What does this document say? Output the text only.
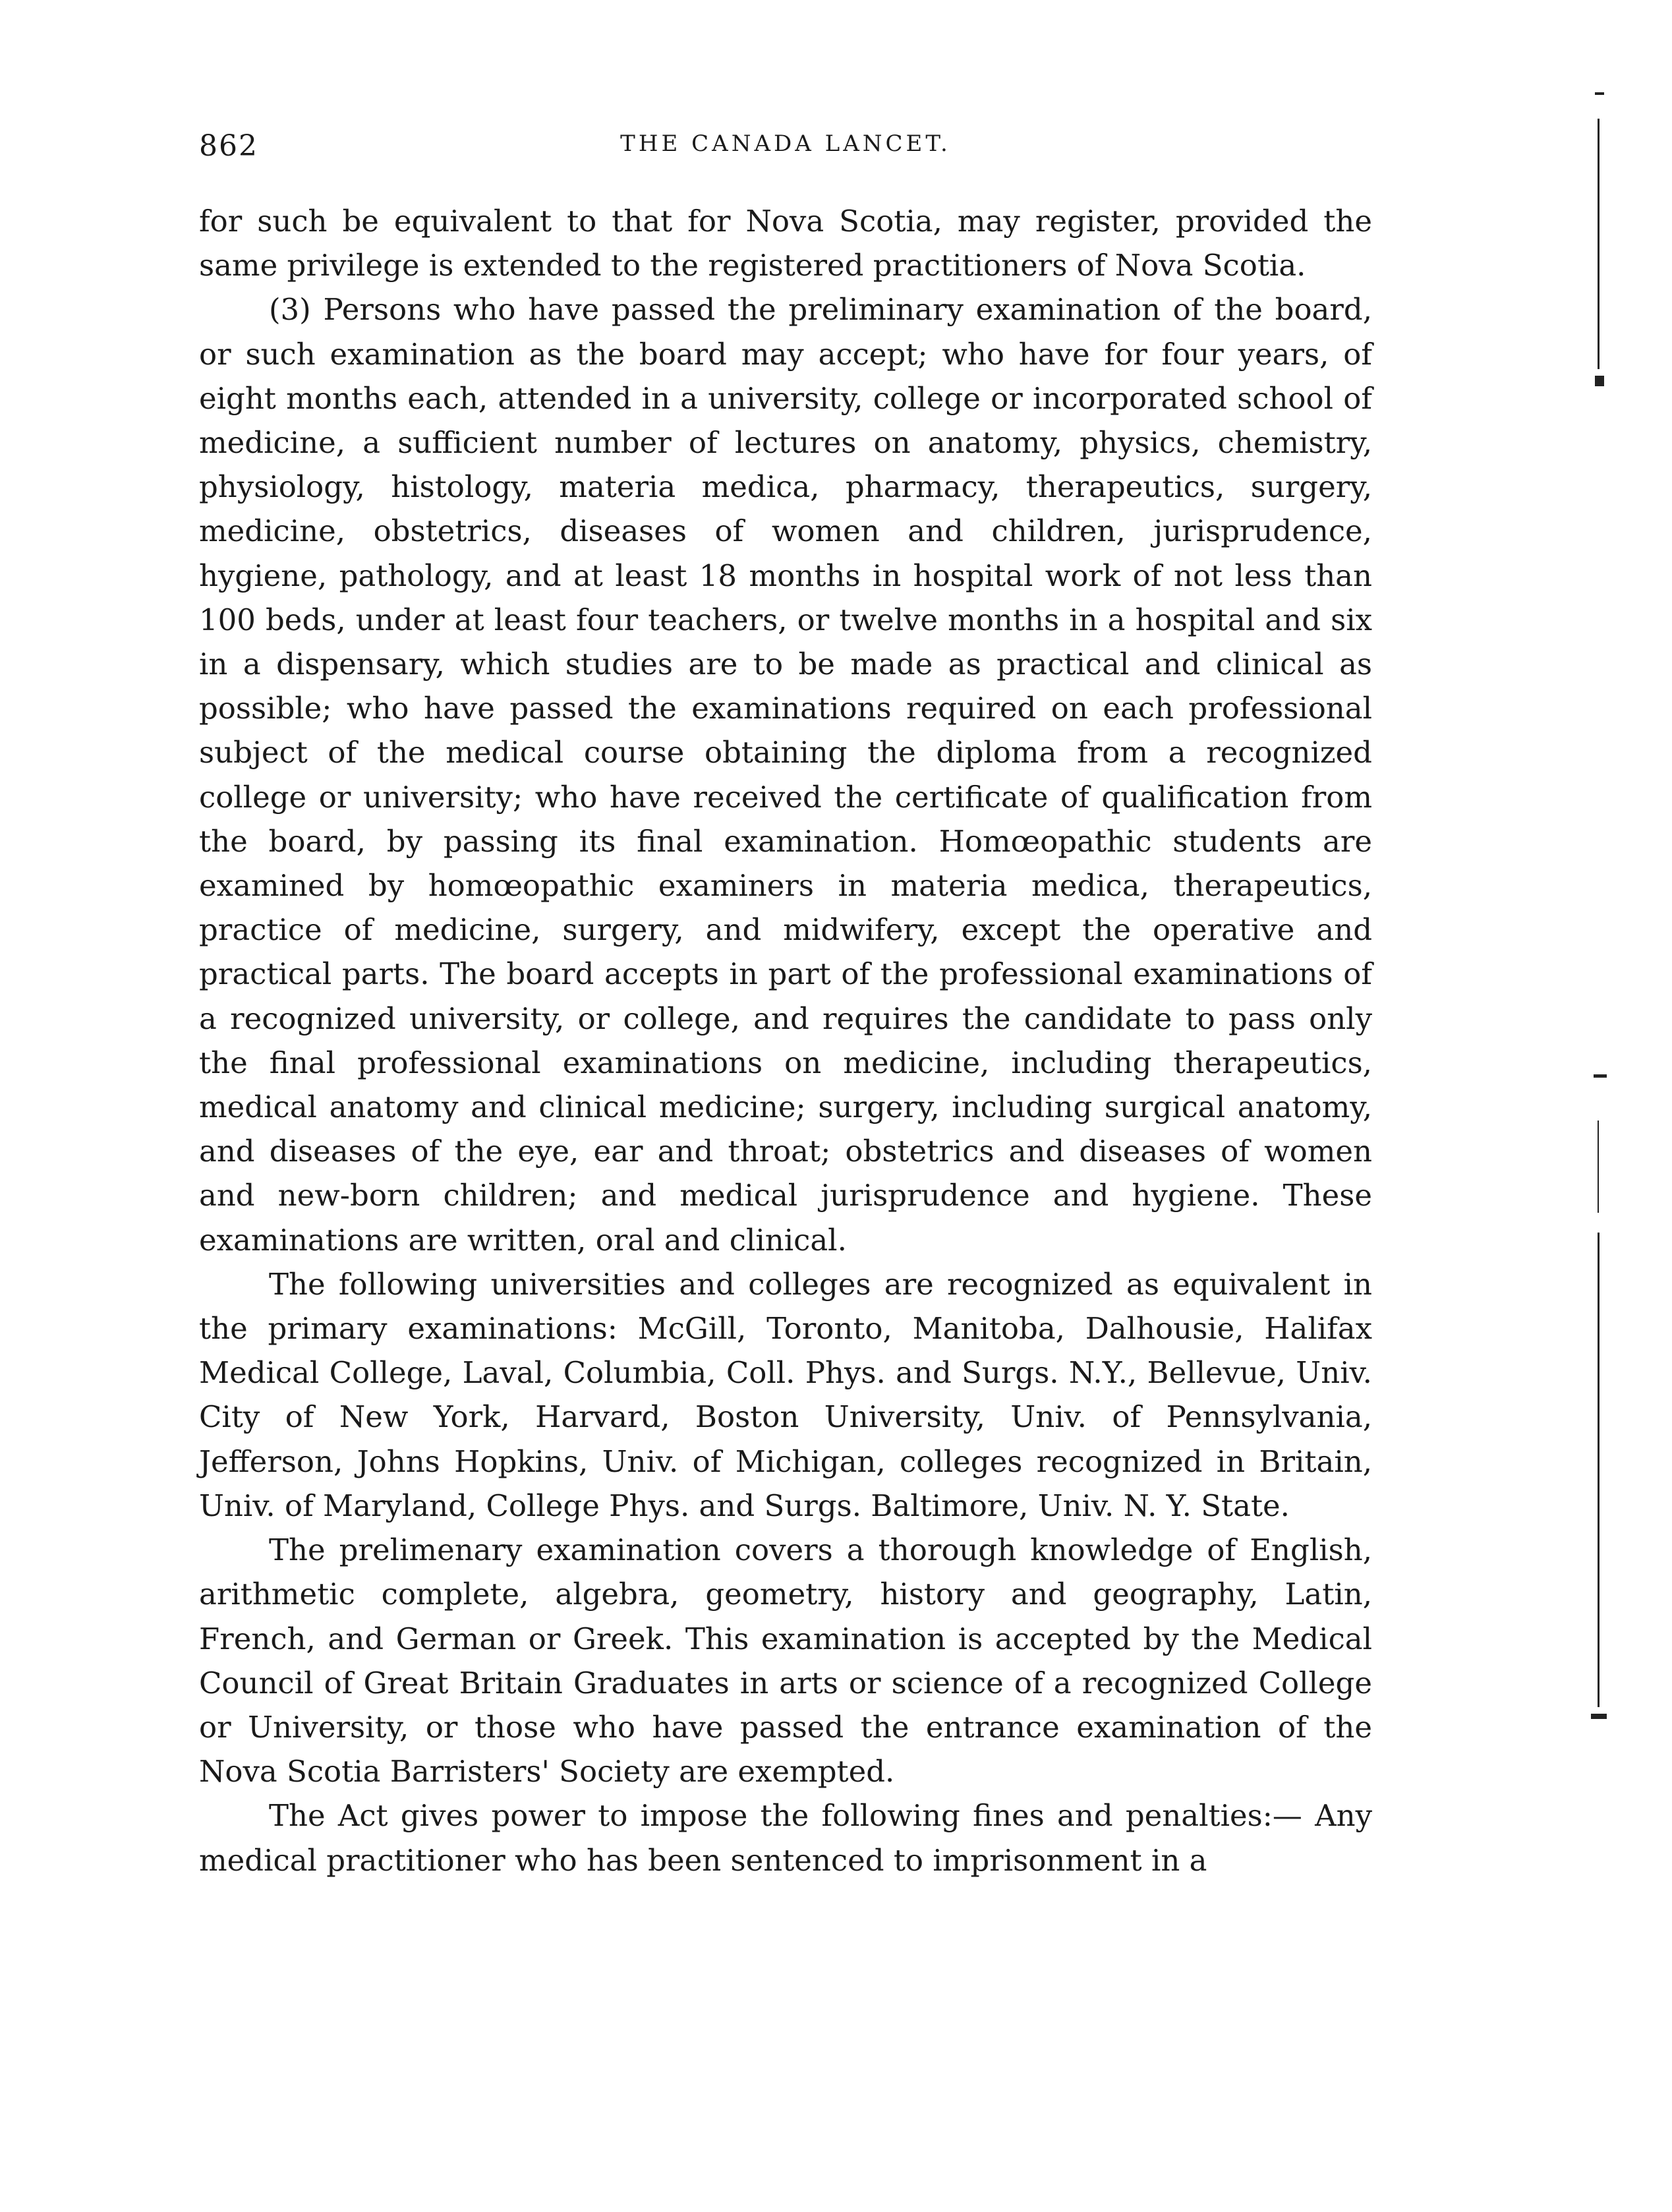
862	THE CANADA LANCET.

for such be equivalent to that for Nova Scotia, may register, provided the same privilege is extended to the registered practitioners of Nova Scotia.

(3) Persons who have passed the preliminary examination of the board, or such examination as the board may accept; who have for four years, of eight months each, attended in a university, college or incorporated school of medicine, a sufficient number of lectures on anatomy, physics, chemistry, physiology, histology, materia medica, pharmacy, therapeutics, surgery, medicine, obstetrics, diseases of women and children, jurisprudence, hygiene, pathology, and at least 18 months in hospital work of not less than 100 beds, under at least four teachers, or twelve months in a hospital and six in a dispensary, which studies are to be made as practical and clinical as possible; who have passed the examinations required on each professional subject of the medical course obtaining the diploma from a recognized college or university; who have received the certificate of qualification from the board, by passing its final examination. Homœopathic students are examined by homœopathic examiners in materia medica, therapeutics, practice of medicine, surgery, and midwifery, except the operative and practical parts. The board accepts in part of the professional examinations of a recognized university, or college, and requires the candidate to pass only the final professional examinations on medicine, including therapeutics, medical anatomy and clinical medicine; surgery, including surgical anatomy, and diseases of the eye, ear and throat; obstetrics and diseases of women and new-born children; and medical jurisprudence and hygiene. These examinations are written, oral and clinical.

The following universities and colleges are recognized as equivalent in the primary examinations: McGill, Toronto, Manitoba, Dalhousie, Halifax Medical College, Laval, Columbia, Coll. Phys. and Surgs. N.Y., Bellevue, Univ. City of New York, Harvard, Boston University, Univ. of Pennsylvania, Jefferson, Johns Hopkins, Univ. of Michigan, colleges recognized in Britain, Univ. of Maryland, College Phys. and Surgs. Baltimore, Univ. N. Y. State.

The prelimenary examination covers a thorough knowledge of English, arithmetic complete, algebra, geometry, history and geography, Latin, French, and German or Greek. This examination is accepted by the Medical Council of Great Britain Graduates in arts or science of a recognized College or University, or those who have passed the entrance examination of the Nova Scotia Barristers' Society are exempted.

The Act gives power to impose the following fines and penalties:— Any medical practitioner who has been sentenced to imprisonment in a
